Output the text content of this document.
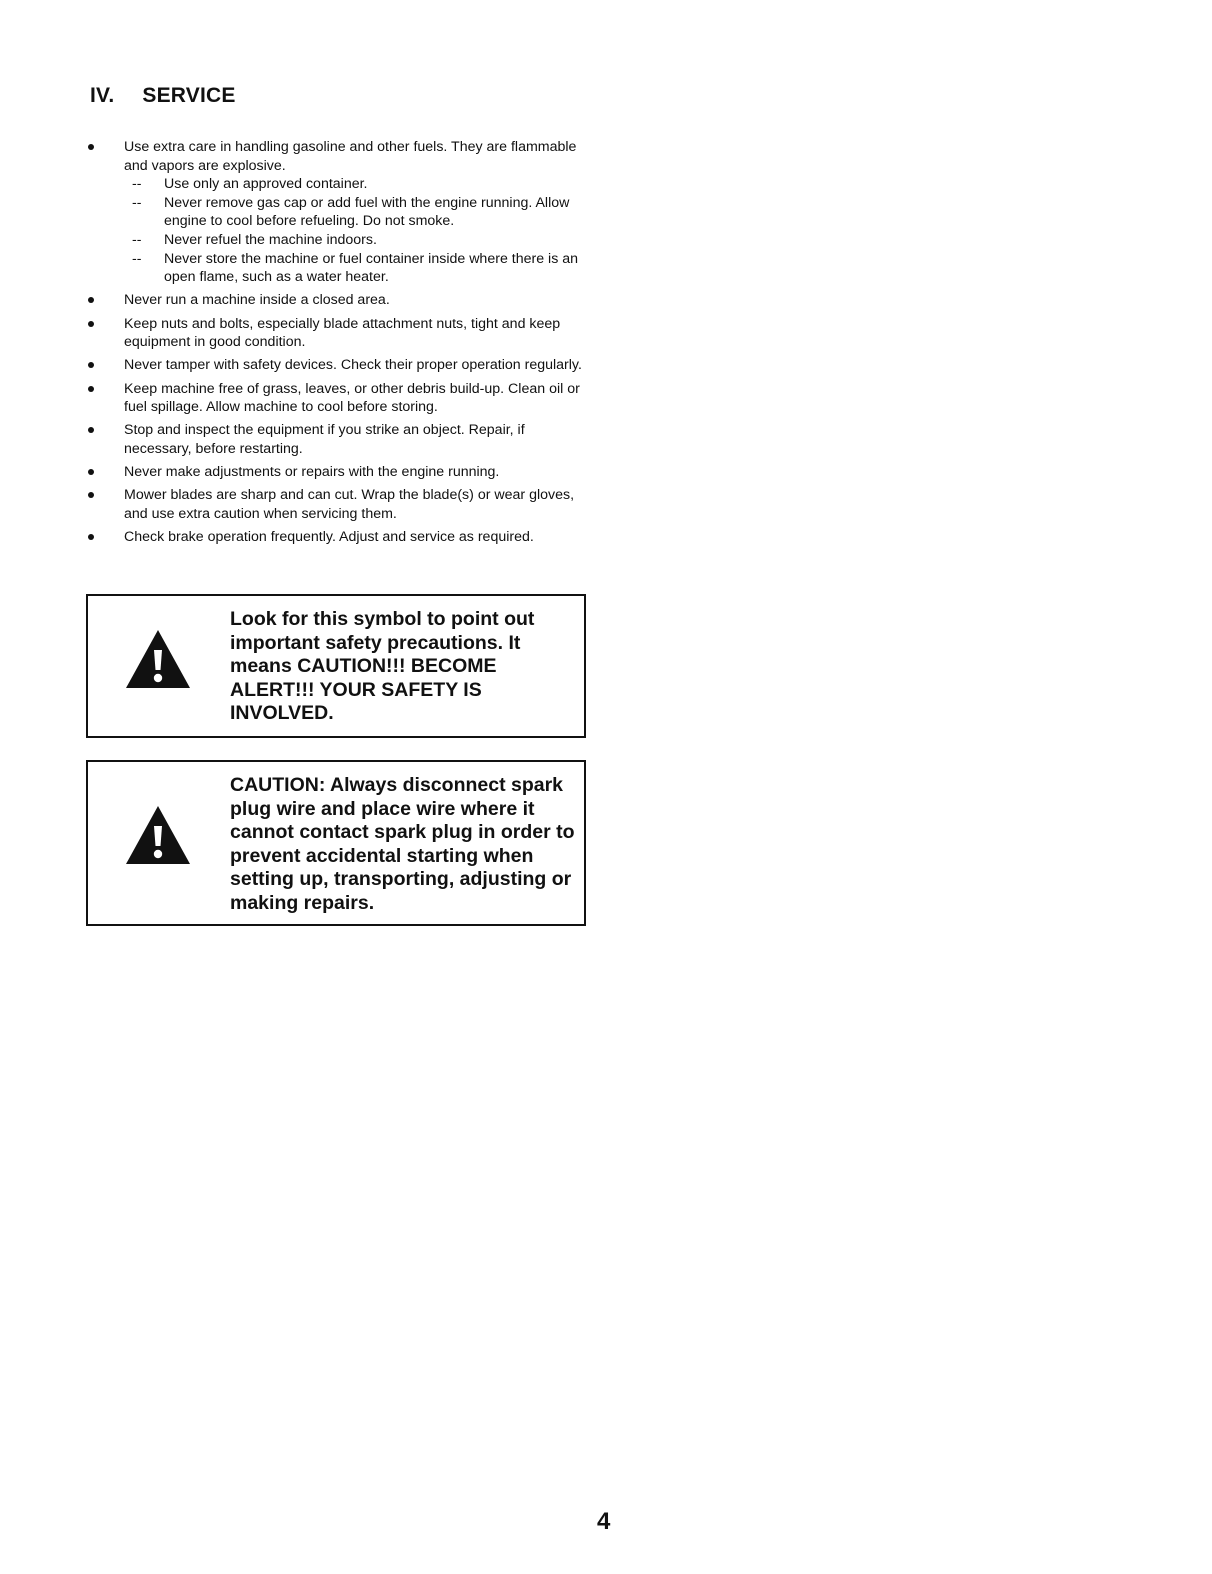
IV. SERVICE
Use extra care in handling gasoline and other fuels. They are flammable and vapors are explosive.
-- Use only an approved container.
-- Never remove gas cap or add fuel with the engine running. Allow engine to cool before refueling. Do not smoke.
-- Never refuel the machine indoors.
-- Never store the machine or fuel container inside where there is an open flame, such as a water heater.
Never run a machine inside a closed area.
Keep nuts and bolts, especially blade attachment nuts, tight and keep equipment in good condition.
Never tamper with safety devices. Check their proper operation regularly.
Keep machine free of grass, leaves, or other debris build-up. Clean oil or fuel spillage. Allow machine to cool before storing.
Stop and inspect the equipment if you strike an object. Repair, if necessary, before restarting.
Never make adjustments or repairs with the engine running.
Mower blades are sharp and can cut. Wrap the blade(s) or wear gloves, and use extra caution when servicing them.
Check brake operation frequently. Adjust and service as required.
Look for this symbol to point out important safety precautions. It means CAUTION!!! BECOME ALERT!!! YOUR SAFETY IS INVOLVED.
CAUTION: Always disconnect spark plug wire and place wire where it cannot contact spark plug in order to prevent accidental starting when setting up, transporting, adjusting or making repairs.
4
